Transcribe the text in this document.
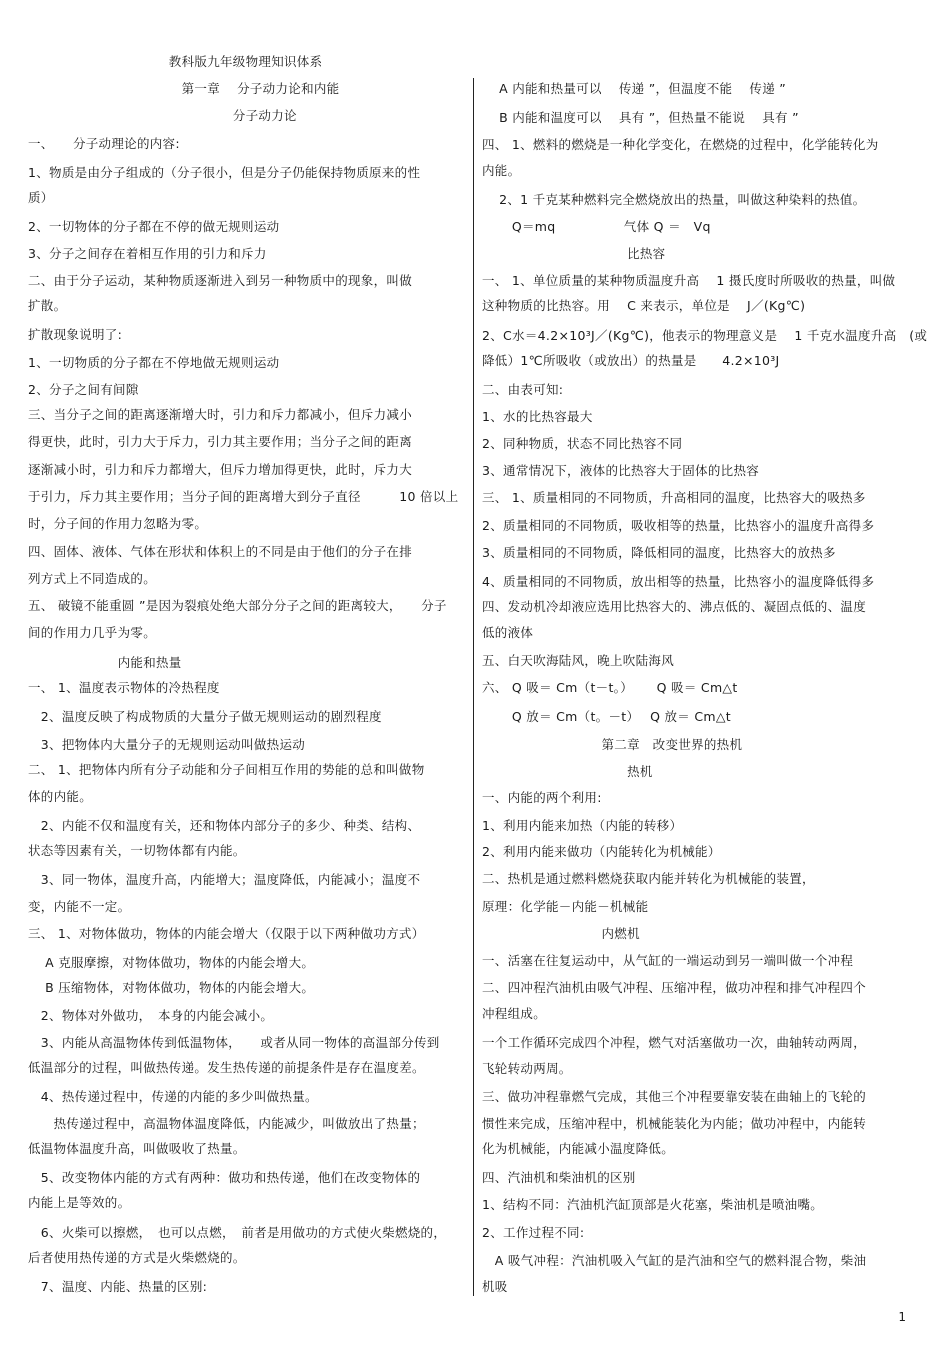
　　　　　　　　　　　教科版九年级物理知识体系
　　　　　　　　　　　　第一章　 分子动力论和内能
　　　　　　　　　　　　　　　　分子动力论
一、　　分子动理论的内容:
1、物质是由分子组成的（分子很小，但是分子仍能保持物质原来的性
质）
2、一切物体的分子都在不停的做无规则运动
3、分子之间存在着相互作用的引力和斥力
二、由于分子运动，某种物质逐渐进入到另一种物质中的现象，叫做
扩散。
扩散现象说明了:
1、一切物质的分子都在不停地做无规则运动
2、分子之间有间隙
三、当分子之间的距离逐渐增大时，引力和斥力都减小，但斥力减小
得更快，此时，引力大于斥力，引力其主要作用；当分子之间的距离
逐渐减小时，引力和斥力都增大，但斥力增加得更快，此时，斥力大
于引力，斥力其主要作用；当分子间的距离增大到分子直径　　　10 倍以上
时，分子间的作用力忽略为零。
四、固体、液体、气体在形状和体积上的不同是由于他们的分子在排
列方式上不同造成的。
五、 破镜不能重圆 ”是因为裂痕处绝大部分分子之间的距离较大，　　分子
间的作用力几乎为零。
　　　　　　　内能和热量
一、 1、温度表示物体的冷热程度
　2、温度反映了构成物质的大量分子做无规则运动的剧烈程度
　3、把物体内大量分子的无规则运动叫做热运动
二、 1、把物体内所有分子动能和分子间相互作用的势能的总和叫做物
体的内能。
　2、内能不仅和温度有关，还和物体内部分子的多少、种类、结构、
状态等因素有关，一切物体都有内能。
　3、同一物体，温度升高，内能增大；温度降低，内能减小；温度不
变，内能不一定。
三、 1、对物体做功，物体的内能会增大（仅限于以下两种做功方式）
　 A 克服摩擦，对物体做功，物体的内能会增大。
　 B 压缩物体，对物体做功，物体的内能会增大。
　2、物体对外做功，　本身的内能会减小。
　3、内能从高温物体传到低温物体，　　或者从同一物体的高温部分传到
低温部分的过程，叫做热传递。发生热传递的前提条件是存在温度差。
　4、热传递过程中，传递的内能的多少叫做热量。
　　热传递过程中，高温物体温度降低，内能减少，叫做放出了热量；
低温物体温度升高，叫做吸收了热量。
　5、改变物体内能的方式有两种：做功和热传递，他们在改变物体的
内能上是等效的。
　6、火柴可以擦燃，　也可以点燃，　前者是用做功的方式使火柴燃烧的，
后者使用热传递的方式是火柴燃烧的。
　7、温度、内能、热量的区别:
　 A 内能和热量可以　 传递 ”，但温度不能　 传递 ”
　 B 内能和温度可以　 具有 ”，但热量不能说　 具有 ”
四、 1、燃料的燃烧是一种化学变化，在燃烧的过程中，化学能转化为
内能。
　 2、1 千克某种燃料完全燃烧放出的热量，叫做这种染料的热值。
　　 Q＝mq　　　　　 气体 Q ＝　Vq
　　　　　　　　　　　 比热容
一、 1、单位质量的某种物质温度升高　 1 摄氏度时所吸收的热量，叫做
这种物质的比热容。用　 C 来表示，单位是　 J／(Kg℃)
2、C水＝4.2×10³J／(Kg℃)，他表示的物理意义是　 1 千克水温度升高　(或
降低）1℃所吸收（或放出）的热量是　　4.2×10³J
二、由表可知:
1、水的比热容最大
2、同种物质，状态不同比热容不同
3、通常情况下，液体的比热容大于固体的比热容
三、 1、质量相同的不同物质，升高相同的温度，比热容大的吸热多
2、质量相同的不同物质，吸收相等的热量，比热容小的温度升高得多
3、质量相同的不同物质，降低相同的温度，比热容大的放热多
4、质量相同的不同物质，放出相等的热量，比热容小的温度降低得多
四、发动机冷却液应选用比热容大的、沸点低的、凝固点低的、温度
低的液体
五、白天吹海陆风，晚上吹陆海风
六、 Q 吸＝ Cm（t－t。）　　 Q 吸＝ Cm△t
　　 Q 放＝ Cm（t。－t）　 Q 放＝ Cm△t
　　　　　　　　　 第二章　改变世界的热机
　　　　　　　　　　　 热机
一、内能的两个利用:
1、利用内能来加热（内能的转移）
2、利用内能来做功（内能转化为机械能）
二、热机是通过燃料燃烧获取内能并转化为机械能的装置，
原理：化学能－内能－机械能
　　　　　　　　　 内燃机
一、活塞在往复运动中，从气缸的一端运动到另一端叫做一个冲程
二、四冲程汽油机由吸气冲程、压缩冲程，做功冲程和排气冲程四个
冲程组成。
一个工作循环完成四个冲程，燃气对活塞做功一次，曲轴转动两周，
飞轮转动两周。
三、做功冲程靠燃气完成，其他三个冲程要靠安装在曲轴上的飞轮的
惯性来完成，压缩冲程中，机械能装化为内能；做功冲程中，内能转
化为机械能，内能减小温度降低。
四、汽油机和柴油机的区别
1、结构不同：汽油机汽缸顶部是火花塞，柴油机是喷油嘴。
2、工作过程不同:
　A 吸气冲程：汽油机吸入气缸的是汽油和空气的燃料混合物，柴油
机吸
1
